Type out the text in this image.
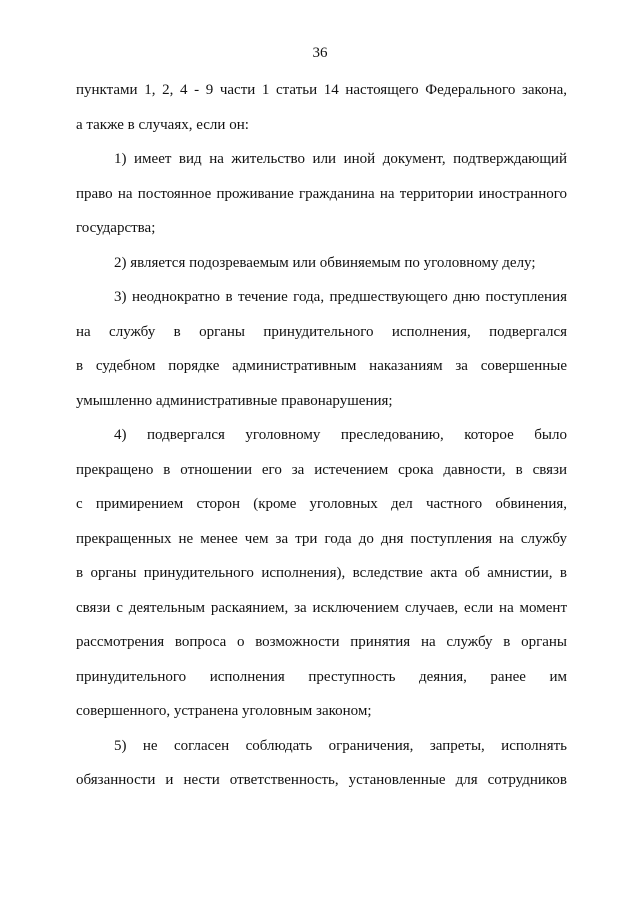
36
пунктами 1, 2, 4 - 9 части 1 статьи 14 настоящего Федерального закона,
а также в случаях, если он:
1) имеет вид на жительство или иной документ, подтверждающий
право на постоянное проживание гражданина на территории иностранного
государства;
2) является подозреваемым или обвиняемым по уголовному делу;
3) неоднократно в течение года, предшествующего дню поступления
на службу в органы принудительного исполнения, подвергался
в судебном порядке административным наказаниям за совершенные
умышленно административные правонарушения;
4) подвергался уголовному преследованию, которое было
прекращено в отношении его за истечением срока давности, в связи
с примирением сторон (кроме уголовных дел частного обвинения,
прекращенных не менее чем за три года до дня поступления на службу
в органы принудительного исполнения), вследствие акта об амнистии, в
связи с деятельным раскаянием, за исключением случаев, если на момент
рассмотрения вопроса о возможности принятия на службу в органы
принудительного исполнения преступность деяния, ранее им
совершенного, устранена уголовным законом;
5) не согласен соблюдать ограничения, запреты, исполнять
обязанности и нести ответственность, установленные для сотрудников
